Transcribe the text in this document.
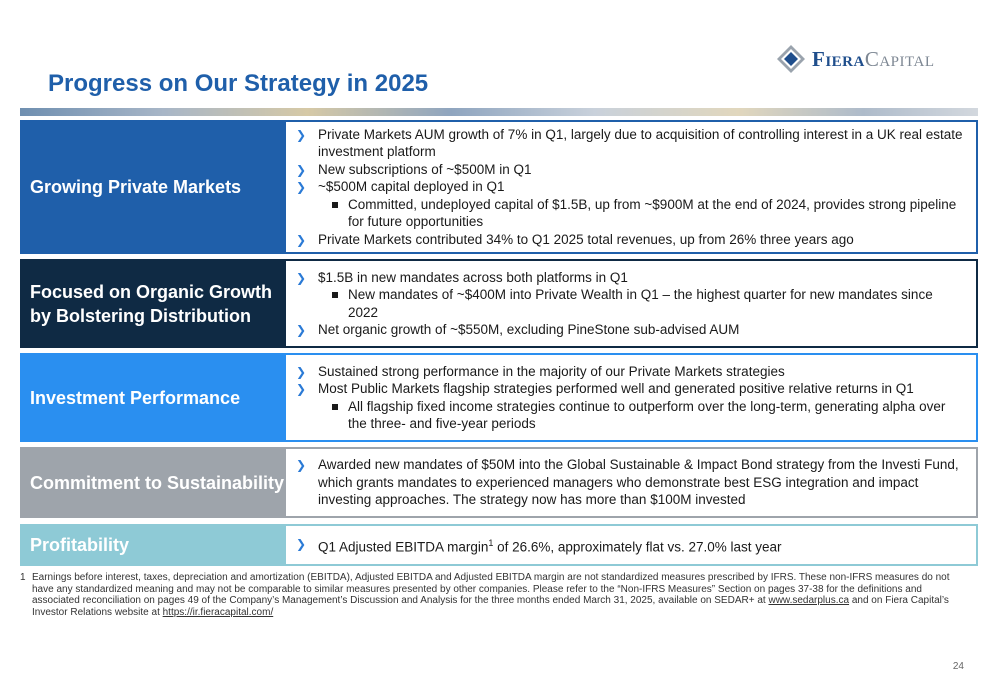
FieraCapital
Progress on Our Strategy in 2025
Growing Private Markets
❯ Private Markets AUM growth of 7% in Q1, largely due to acquisition of controlling interest in a UK real estate investment platform
❯ New subscriptions of ~$500M in Q1
❯ ~$500M capital deployed in Q1
Committed, undeployed capital of $1.5B, up from ~$900M at the end of 2024, provides strong pipeline for future opportunities
❯ Private Markets contributed 34% to Q1 2025 total revenues, up from 26% three years ago
Focused on Organic Growth by Bolstering Distribution
❯ $1.5B in new mandates across both platforms in Q1
New mandates of ~$400M into Private Wealth in Q1 – the highest quarter for new mandates since 2022
❯ Net organic growth of ~$550M, excluding PineStone sub-advised AUM
Investment Performance
❯ Sustained strong performance in the majority of our Private Markets strategies
❯ Most Public Markets flagship strategies performed well and generated positive relative returns in Q1
All flagship fixed income strategies continue to outperform over the long-term, generating alpha over the three- and five-year periods
Commitment to Sustainability
❯ Awarded new mandates of $50M into the Global Sustainable & Impact Bond strategy from the Investi Fund, which grants mandates to experienced managers who demonstrate best ESG integration and impact investing approaches. The strategy now has more than $100M invested
Profitability	❯ Q1 Adjusted EBITDA margin$^1$ of 26.6%, approximately flat vs. 27.0% last year
1 Earnings before interest, taxes, depreciation and amortization (EBITDA), Adjusted EBITDA and Adjusted EBITDA margin are not standardized measures prescribed by IFRS. These non-IFRS measures do not have any standardized meaning and may not be comparable to similar measures presented by other companies. Please refer to the “Non-IFRS Measures” Section on pages 37-38 for the definitions and associated reconciliation on pages 49 of the Company’s Management’s Discussion and Analysis for the three months ended March 31, 2025, available on SEDAR+ at www.sedarplus.ca and on Fiera Capital’s Investor Relations website at https://ir.fieracapital.com/
24
